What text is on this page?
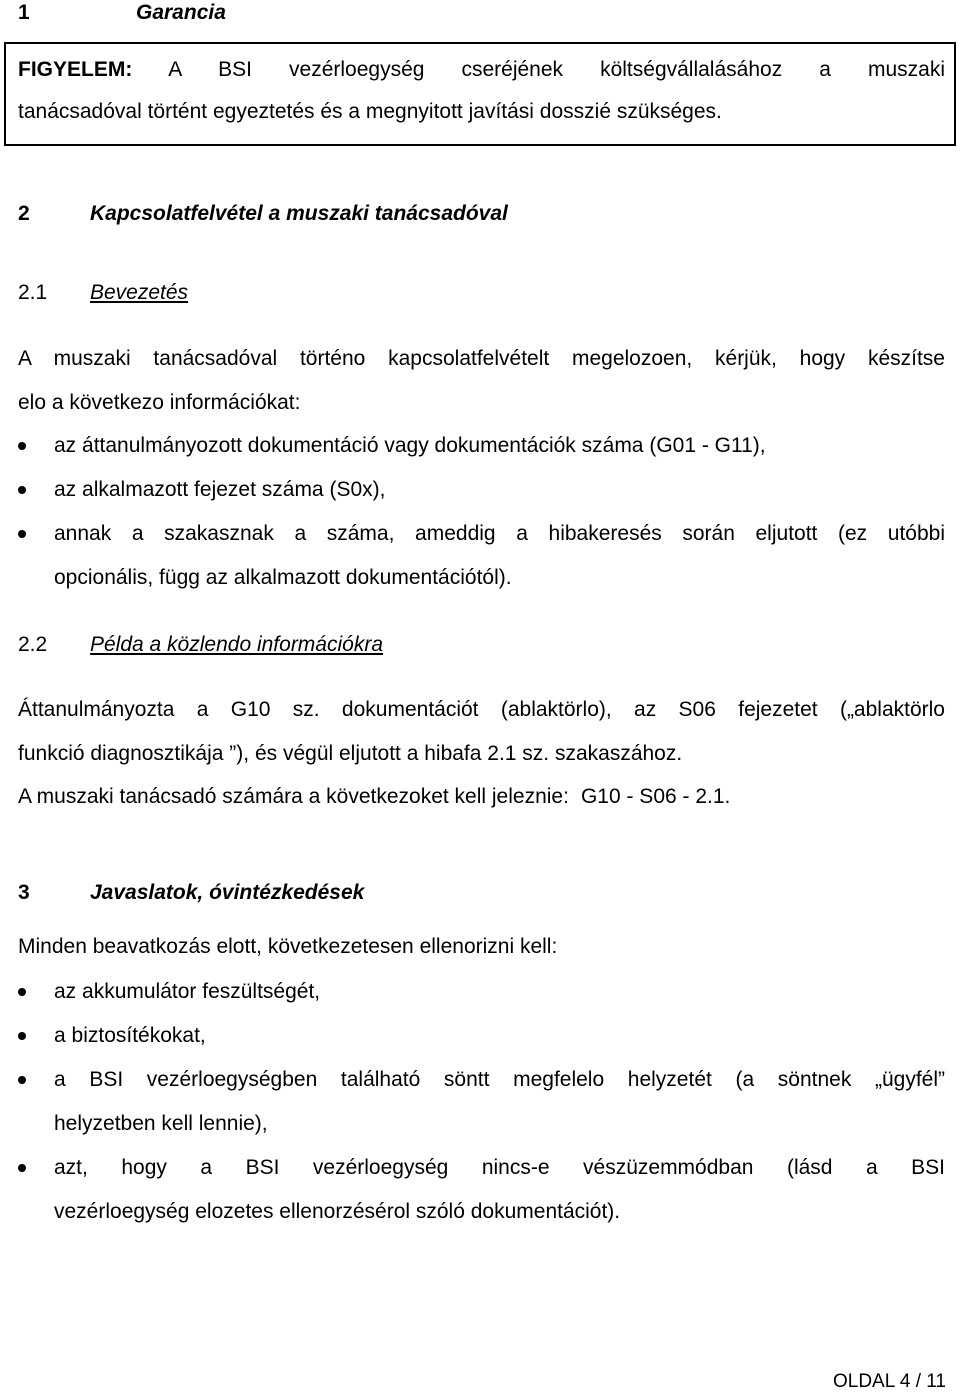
1	Garancia
FIGYELEM: A BSI vezérloegység cseréjének költségvállalásához a muszaki
tanácsadóval történt egyeztetés és a megnyitott javítási dosszié szükséges.
2	Kapcsolatfelvétel a muszaki tanácsadóval
2.1	Bevezetés
A muszaki tanácsadóval történo kapcsolatfelvételt megelozoen, kérjük, hogy készítse
elo a következo információkat:
az áttanulmányozott dokumentáció vagy dokumentációk száma (G01 - G11),
az alkalmazott fejezet száma (S0x),
annak a szakasznak a száma, ameddig a hibakeresés során eljutott (ez utóbbi
opcionális, függ az alkalmazott dokumentációtól).
2.2	Példa a közlendo információkra
Áttanulmányozta a G10 sz. dokumentációt (ablaktörlo), az S06 fejezetet („ablaktörlo
funkció diagnosztikája ”), és végül eljutott a hibafa 2.1 sz. szakaszához.
A muszaki tanácsadó számára a következoket kell jeleznie: G10 - S06 - 2.1.
3	Javaslatok, óvintézkedések
Minden beavatkozás elott, következetesen ellenorizni kell:
az akkumulátor feszültségét,
a biztosítékokat,
a BSI vezérloegységben található söntt megfelelo helyzetét (a söntnek „ügyfél”
helyzetben kell lennie),
azt, hogy a BSI vezérloegység nincs-e vészüzemmódban (lásd a BSI
vezérloegység elozetes ellenorzésérol szóló dokumentációt).
OLDAL 4 / 11
